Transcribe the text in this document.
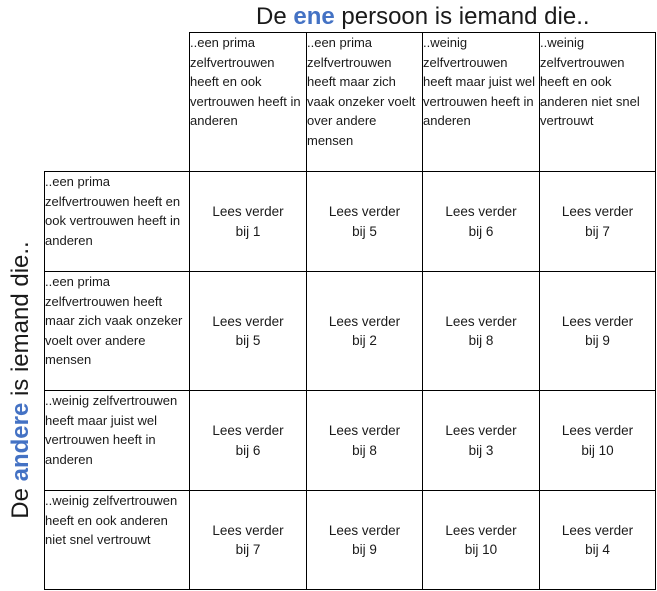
De ene persoon is iemand die..
De andere is iemand die..
	..een prima zelfvertrouwen heeft en ook vertrouwen heeft in anderen	..een prima zelfvertrouwen heeft maar zich vaak onzeker voelt over andere mensen	..weinig zelfvertrouwen heeft maar juist wel vertrouwen heeft in anderen	..weinig zelfvertrouwen heeft en ook anderen niet snel vertrouwt
..een prima zelfvertrouwen heeft en ook vertrouwen heeft in anderen	Lees verder
bij 1	Lees verder
bij 5	Lees verder
bij 6	Lees verder
bij 7

..een prima zelfvertrouwen heeft maar zich vaak onzeker voelt over andere mensen	Lees verder
bij 5	Lees verder
bij 2	Lees verder
bij 8	Lees verder
bij 9

..weinig zelfvertrouwen heeft maar juist wel vertrouwen heeft in anderen	Lees verder
bij 6	Lees verder
bij 8	Lees verder
bij 3	Lees verder
bij 10

..weinig zelfvertrouwen heeft en ook anderen niet snel vertrouwt	Lees verder
bij 7	Lees verder
bij 9	Lees verder
bij 10	Lees verder
bij 4
